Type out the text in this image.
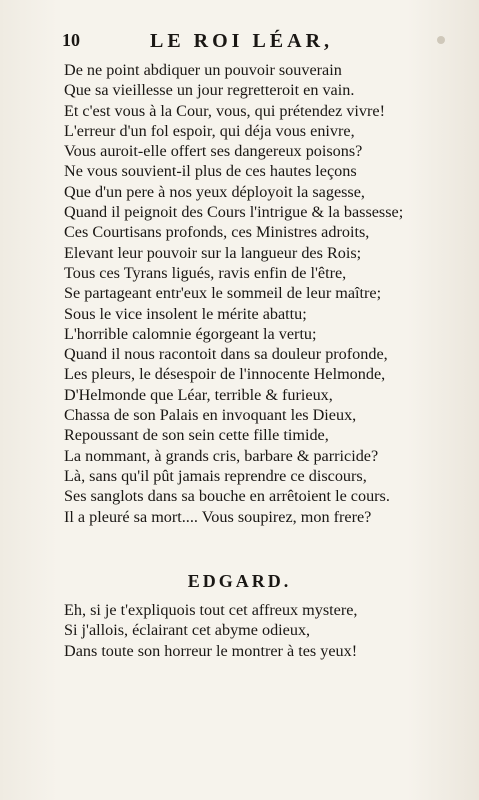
10	LE ROI LÉAR,
De ne point abdiquer un pouvoir souverain
Que sa vieillesse un jour regretteroit en vain.
Et c'est vous à la Cour, vous, qui prétendez vivre!
L'erreur d'un fol espoir, qui déja vous enivre,
Vous auroit-elle offert ses dangereux poisons?
Ne vous souvient-il plus de ces hautes leçons
Que d'un pere à nos yeux déployoit la sagesse,
Quand il peignoit des Cours l'intrigue & la bassesse;
Ces Courtisans profonds, ces Ministres adroits,
Elevant leur pouvoir sur la langueur des Rois;
Tous ces Tyrans ligués, ravis enfin de l'être,
Se partageant entr'eux le sommeil de leur maître;
Sous le vice insolent le mérite abattu;
L'horrible calomnie égorgeant la vertu;
Quand il nous racontoit dans sa douleur profonde,
Les pleurs, le désespoir de l'innocente Helmonde,
D'Helmonde que Léar, terrible & furieux,
Chassa de son Palais en invoquant les Dieux,
Repoussant de son sein cette fille timide,
La nommant, à grands cris, barbare & parricide?
Là, sans qu'il pût jamais reprendre ce discours,
Ses sanglots dans sa bouche en arrêtoient le cours.
Il a pleuré sa mort.... Vous soupirez, mon frere?
EDGARD.
Eh, si je t'expliquois tout cet affreux mystere,
Si j'allois, éclairant cet abyme odieux,
Dans toute son horreur le montrer à tes yeux!
